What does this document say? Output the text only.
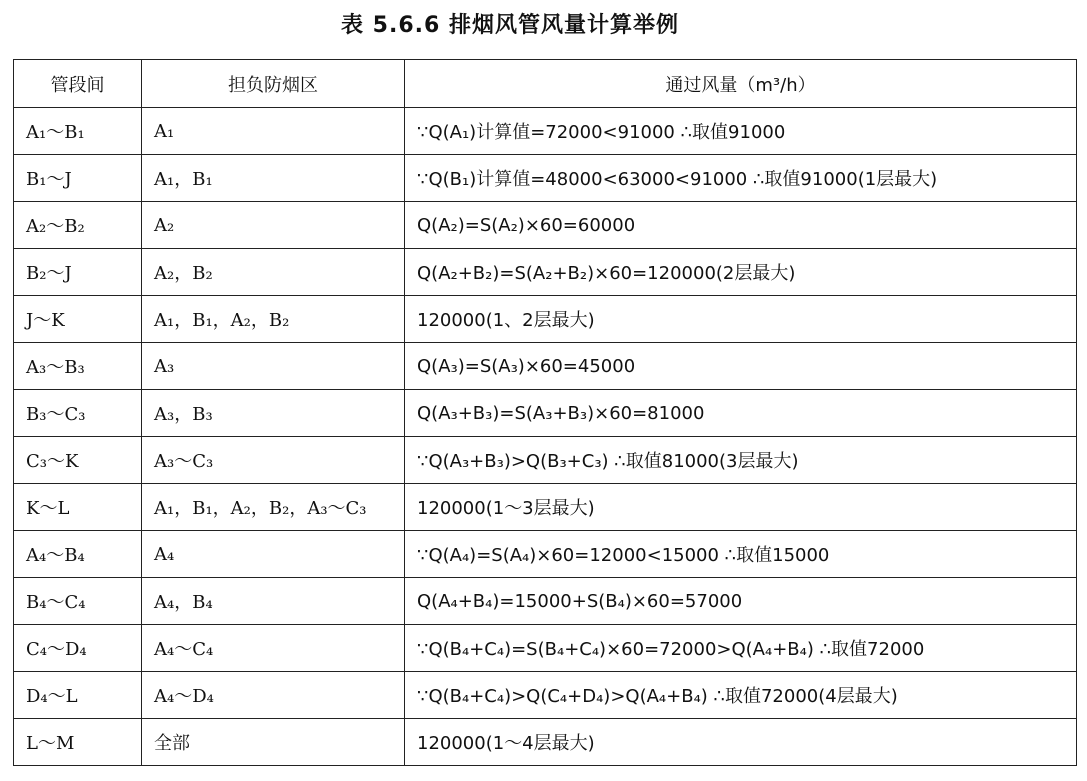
表 5.6.6 排烟风管风量计算举例
管段间	担负防烟区	通过风量（m³/h）
A₁～B₁	A₁	∵Q(A₁)计算值=72000<91000 ∴取值91000
B₁～J	A₁，B₁	∵Q(B₁)计算值=48000<63000<91000 ∴取值91000(1层最大)
A₂～B₂	A₂	Q(A₂)=S(A₂)×60=60000
B₂～J	A₂，B₂	Q(A₂+B₂)=S(A₂+B₂)×60=120000(2层最大)
J～K	A₁，B₁，A₂，B₂	120000(1、2层最大)
A₃～B₃	A₃	Q(A₃)=S(A₃)×60=45000
B₃～C₃	A₃，B₃	Q(A₃+B₃)=S(A₃+B₃)×60=81000
C₃～K	A₃～C₃	∵Q(A₃+B₃)>Q(B₃+C₃) ∴取值81000(3层最大)
K～L	A₁，B₁，A₂，B₂，A₃～C₃	120000(1～3层最大)
A₄～B₄	A₄	∵Q(A₄)=S(A₄)×60=12000<15000 ∴取值15000
B₄～C₄	A₄，B₄	Q(A₄+B₄)=15000+S(B₄)×60=57000
C₄～D₄	A₄～C₄	∵Q(B₄+C₄)=S(B₄+C₄)×60=72000>Q(A₄+B₄) ∴取值72000
D₄～L	A₄～D₄	∵Q(B₄+C₄)>Q(C₄+D₄)>Q(A₄+B₄) ∴取值72000(4层最大)
L～M	全部	120000(1～4层最大)
